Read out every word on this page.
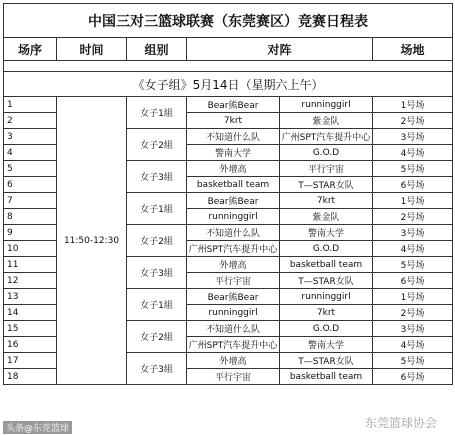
中国三对三篮球联赛（东莞赛区）竞赛日程表					
场序	时间	组别	对阵		场地

《女子组》5月14日（星期六上午）					
1	11:50-12:30	女子1組	Bear熊Bear	runninggirl	1号场
2			7krt	紫金队	2号场
3		女子2組	不知道什么队	广州SPT汽车提升中心	3号场
4			警南大学	G.O.D	4号场
5		女子3組	外增高	平行宇宙	5号场
6			basketball team	T—STAR女队	6号场
7		女子1組	Bear熊Bear	7krt	1号场
8			runninggirl	紫金队	2号场
9		女子2組	不知道什么队	警南大学	3号场
10			广州SPT汽车提升中心	G.O.D	4号场
11		女子3組	外增高	basketball team	5号场
12			平行宇宙	T—STAR女队	6号场
13		女子1組	Bear熊Bear	runninggirl	1号场
14			runninggirl	7krt	2号场
15		女子2組	不知道什么队	G.O.D	3号场
16			广州SPT汽车提升中心	警南大学	4号场
17		女子3組	外增高	T—STAR女队	5号场
18			平行宇宙	basketball team	6号场
东莞篮球协会
头条@东莞篮球
